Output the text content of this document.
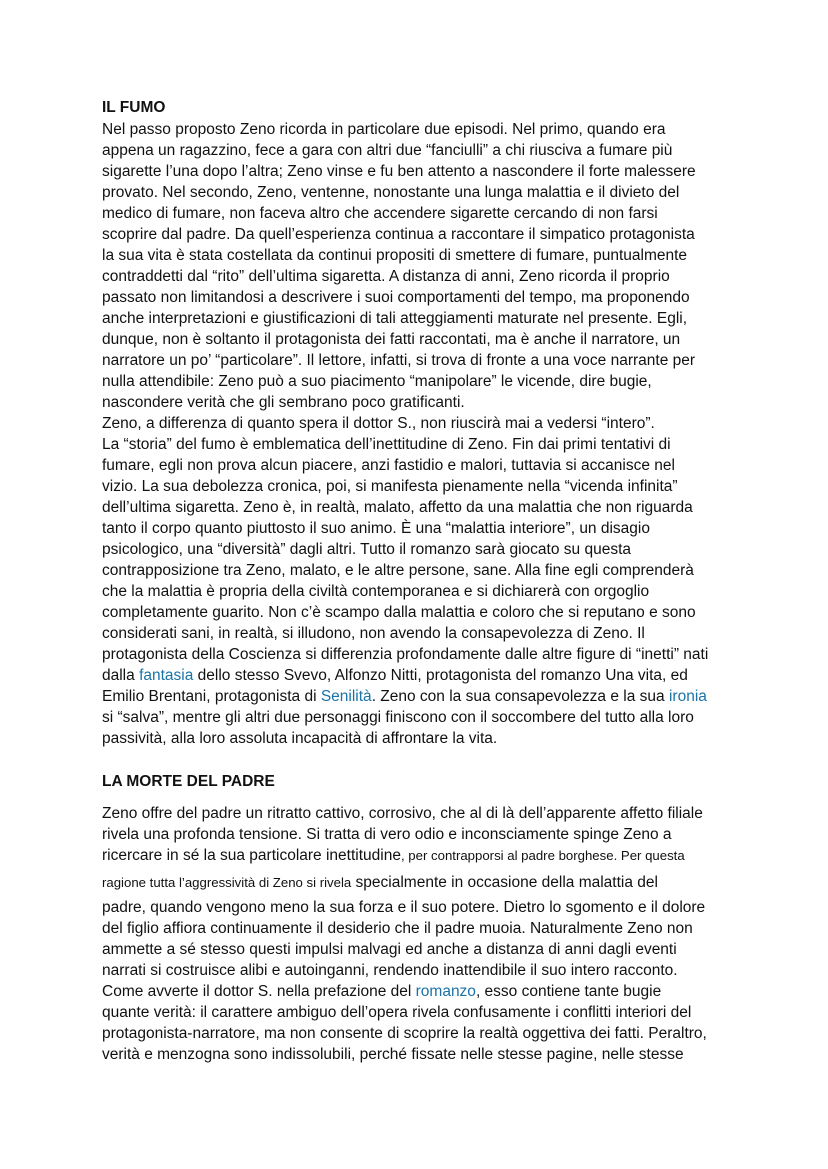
IL FUMO
Nel passo proposto Zeno ricorda in particolare due episodi. Nel primo, quando era
appena un ragazzino, fece a gara con altri due “fanciulli” a chi riusciva a fumare più
sigarette l’una dopo l’altra; Zeno vinse e fu ben attento a nascondere il forte malessere
provato. Nel secondo, Zeno, ventenne, nonostante una lunga malattia e il divieto del
medico di fumare, non faceva altro che accendere sigarette cercando di non farsi
scoprire dal padre. Da quell’esperienza continua a raccontare il simpatico protagonista
la sua vita è stata costellata da continui propositi di smettere di fumare, puntualmente
contraddetti dal “rito” dell’ultima sigaretta. A distanza di anni, Zeno ricorda il proprio
passato non limitandosi a descrivere i suoi comportamenti del tempo, ma proponendo
anche interpretazioni e giustificazioni di tali atteggiamenti maturate nel presente. Egli,
dunque, non è soltanto il protagonista dei fatti raccontati, ma è anche il narratore, un
narratore un po’ “particolare”. Il lettore, infatti, si trova di fronte a una voce narrante per
nulla attendibile: Zeno può a suo piacimento “manipolare” le vicende, dire bugie,
nascondere verità che gli sembrano poco gratificanti.
Zeno, a differenza di quanto spera il dottor S., non riuscirà mai a vedersi “intero”.
La “storia” del fumo è emblematica dell’inettitudine di Zeno. Fin dai primi tentativi di
fumare, egli non prova alcun piacere, anzi fastidio e malori, tuttavia si accanisce nel
vizio. La sua debolezza cronica, poi, si manifesta pienamente nella “vicenda infinita”
dell’ultima sigaretta. Zeno è, in realtà, malato, affetto da una malattia che non riguarda
tanto il corpo quanto piuttosto il suo animo. È una “malattia interiore”, un disagio
psicologico, una “diversità” dagli altri. Tutto il romanzo sarà giocato su questa
contrapposizione tra Zeno, malato, e le altre persone, sane. Alla fine egli comprenderà
che la malattia è propria della civiltà contemporanea e si dichiarerà con orgoglio
completamente guarito. Non c’è scampo dalla malattia e coloro che si reputano e sono
considerati sani, in realtà, si illudono, non avendo la consapevolezza di Zeno. Il
protagonista della Coscienza si differenzia profondamente dalle altre figure di “inetti” nati
dalla fantasia dello stesso Svevo, Alfonzo Nitti, protagonista del romanzo Una vita, ed
Emilio Brentani, protagonista di Senilità. Zeno con la sua consapevolezza e la sua ironia
si “salva”, mentre gli altri due personaggi finiscono con il soccombere del tutto alla loro
passività, alla loro assoluta incapacità di affrontare la vita.
LA MORTE DEL PADRE
Zeno offre del padre un ritratto cattivo, corrosivo, che al di là dell’apparente affetto filiale
rivela una profonda tensione. Si tratta di vero odio e inconsciamente spinge Zeno a
ricercare in sé la sua particolare inettitudine, per contrapporsi al padre borghese. Per questa
ragione tutta l’aggressività di Zeno si rivela specialmente in occasione della malattia del
padre, quando vengono meno la sua forza e il suo potere. Dietro lo sgomento e il dolore
del figlio affiora continuamente il desiderio che il padre muoia. Naturalmente Zeno non
ammette a sé stesso questi impulsi malvagi ed anche a distanza di anni dagli eventi
narrati si costruisce alibi e autoinganni, rendendo inattendibile il suo intero racconto.
Come avverte il dottor S. nella prefazione del romanzo, esso contiene tante bugie
quante verità: il carattere ambiguo dell’opera rivela confusamente i conflitti interiori del
protagonista-narratore, ma non consente di scoprire la realtà oggettiva dei fatti. Peraltro,
verità e menzogna sono indissolubili, perché fissate nelle stesse pagine, nelle stesse
